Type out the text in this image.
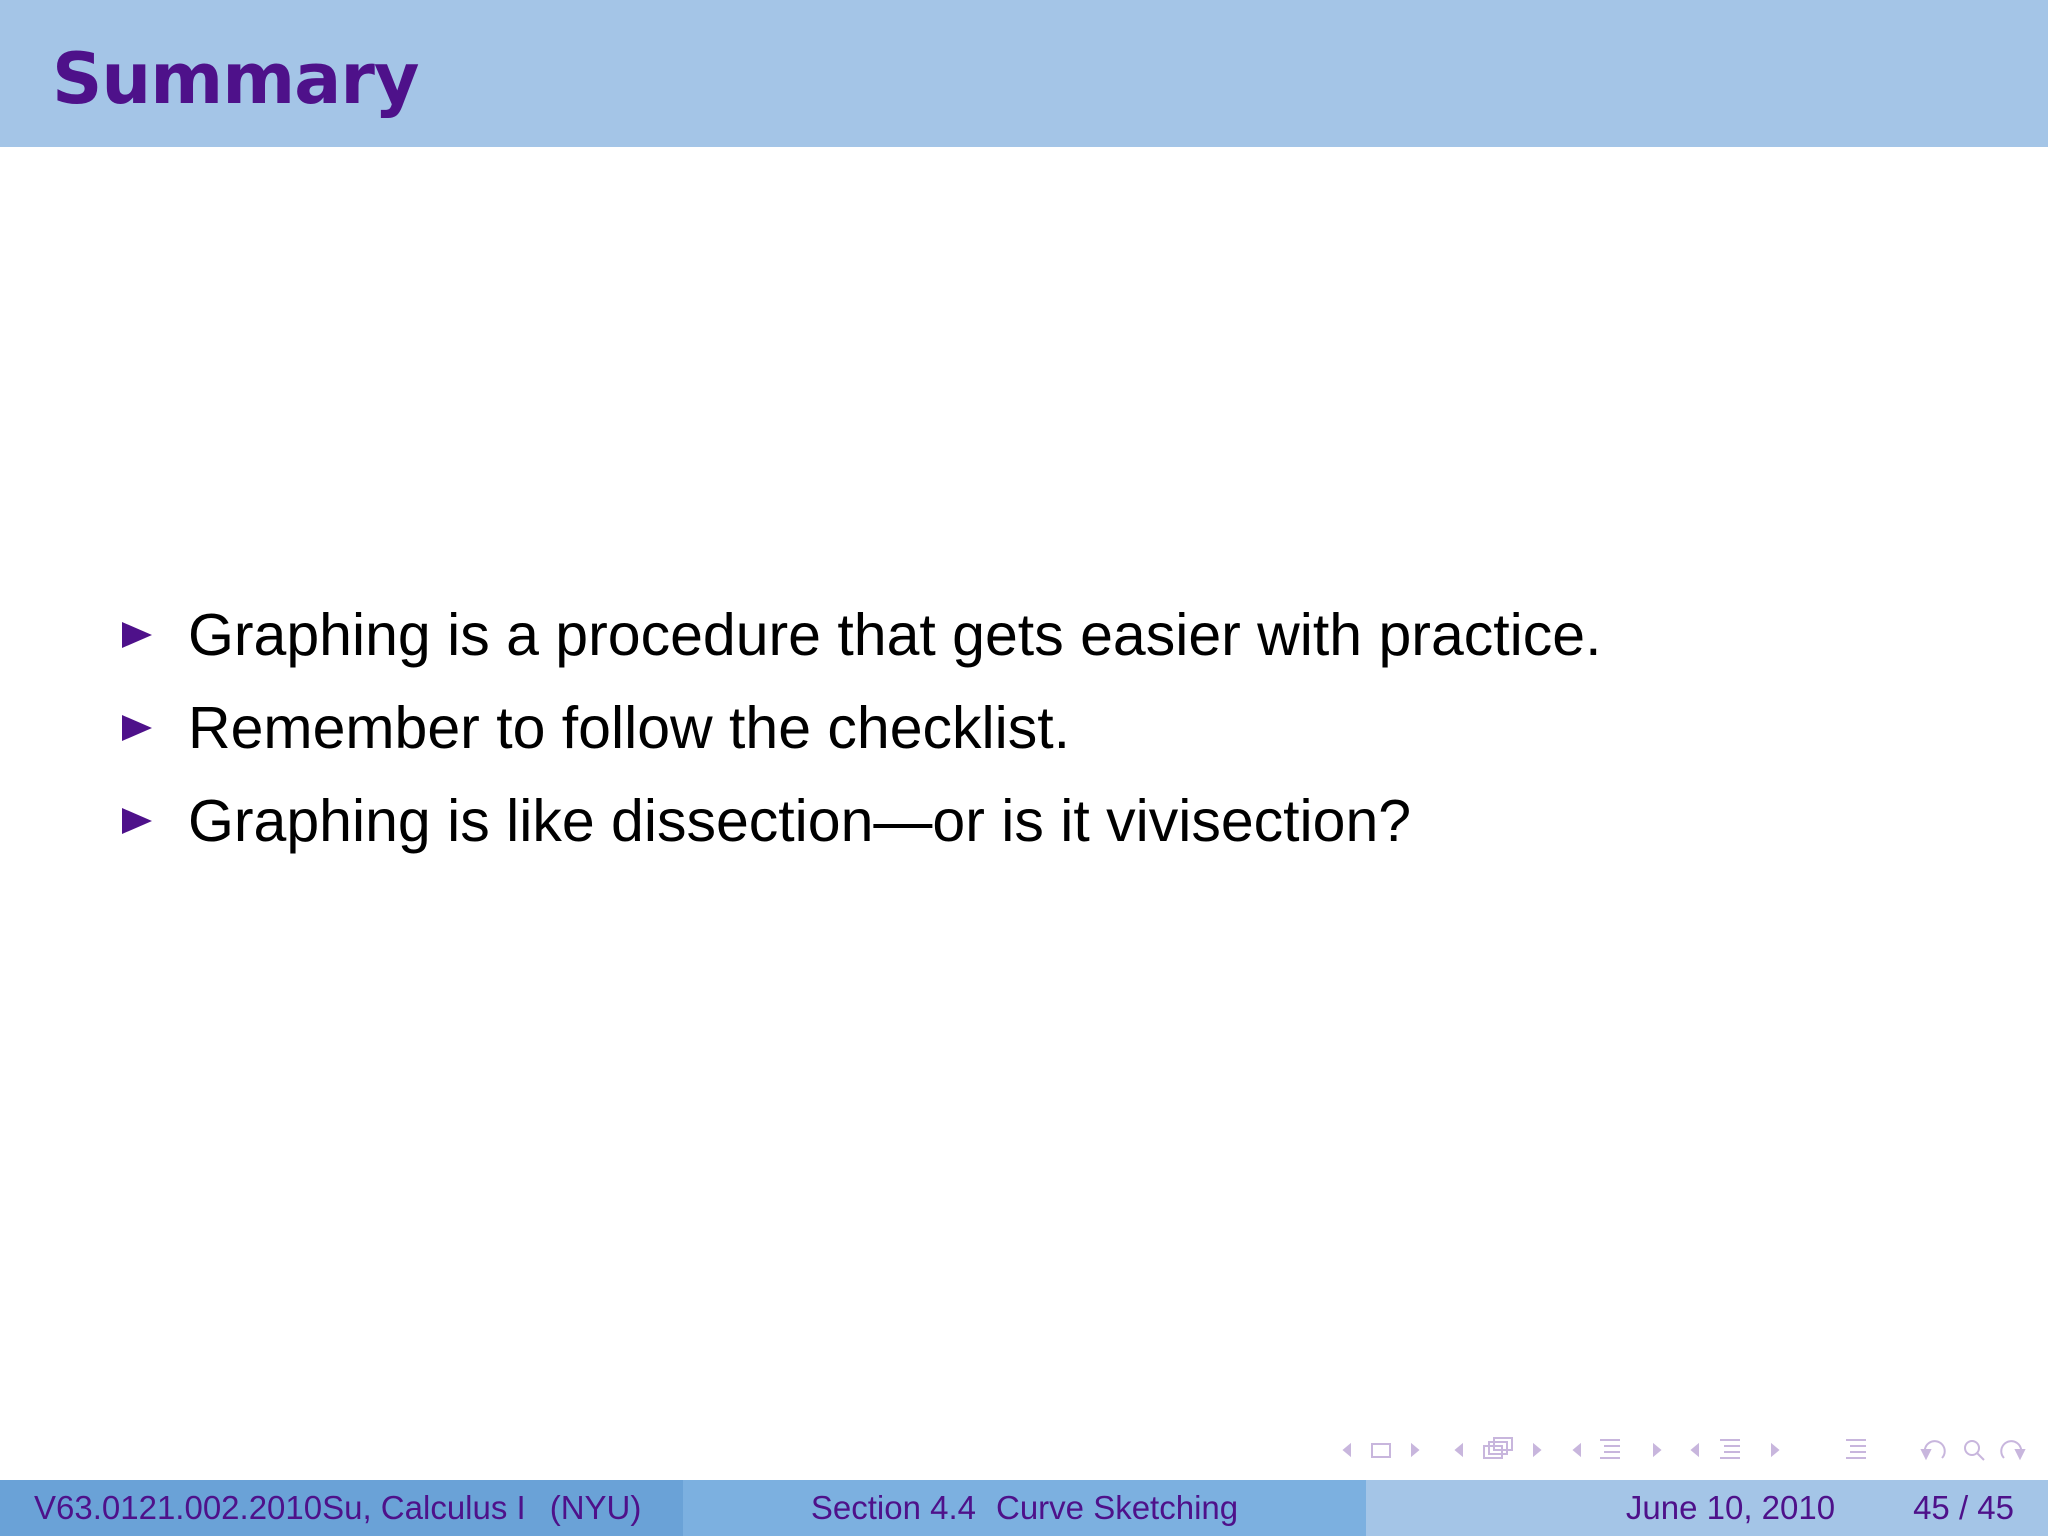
Summary
Graphing is a procedure that gets easier with practice.
Remember to follow the checklist.
Graphing is like dissection—or is it vivisection?
V63.0121.002.2010Su, Calculus I (NYU)	Section 4.4 Curve Sketching	June 10, 2010 45 / 45
